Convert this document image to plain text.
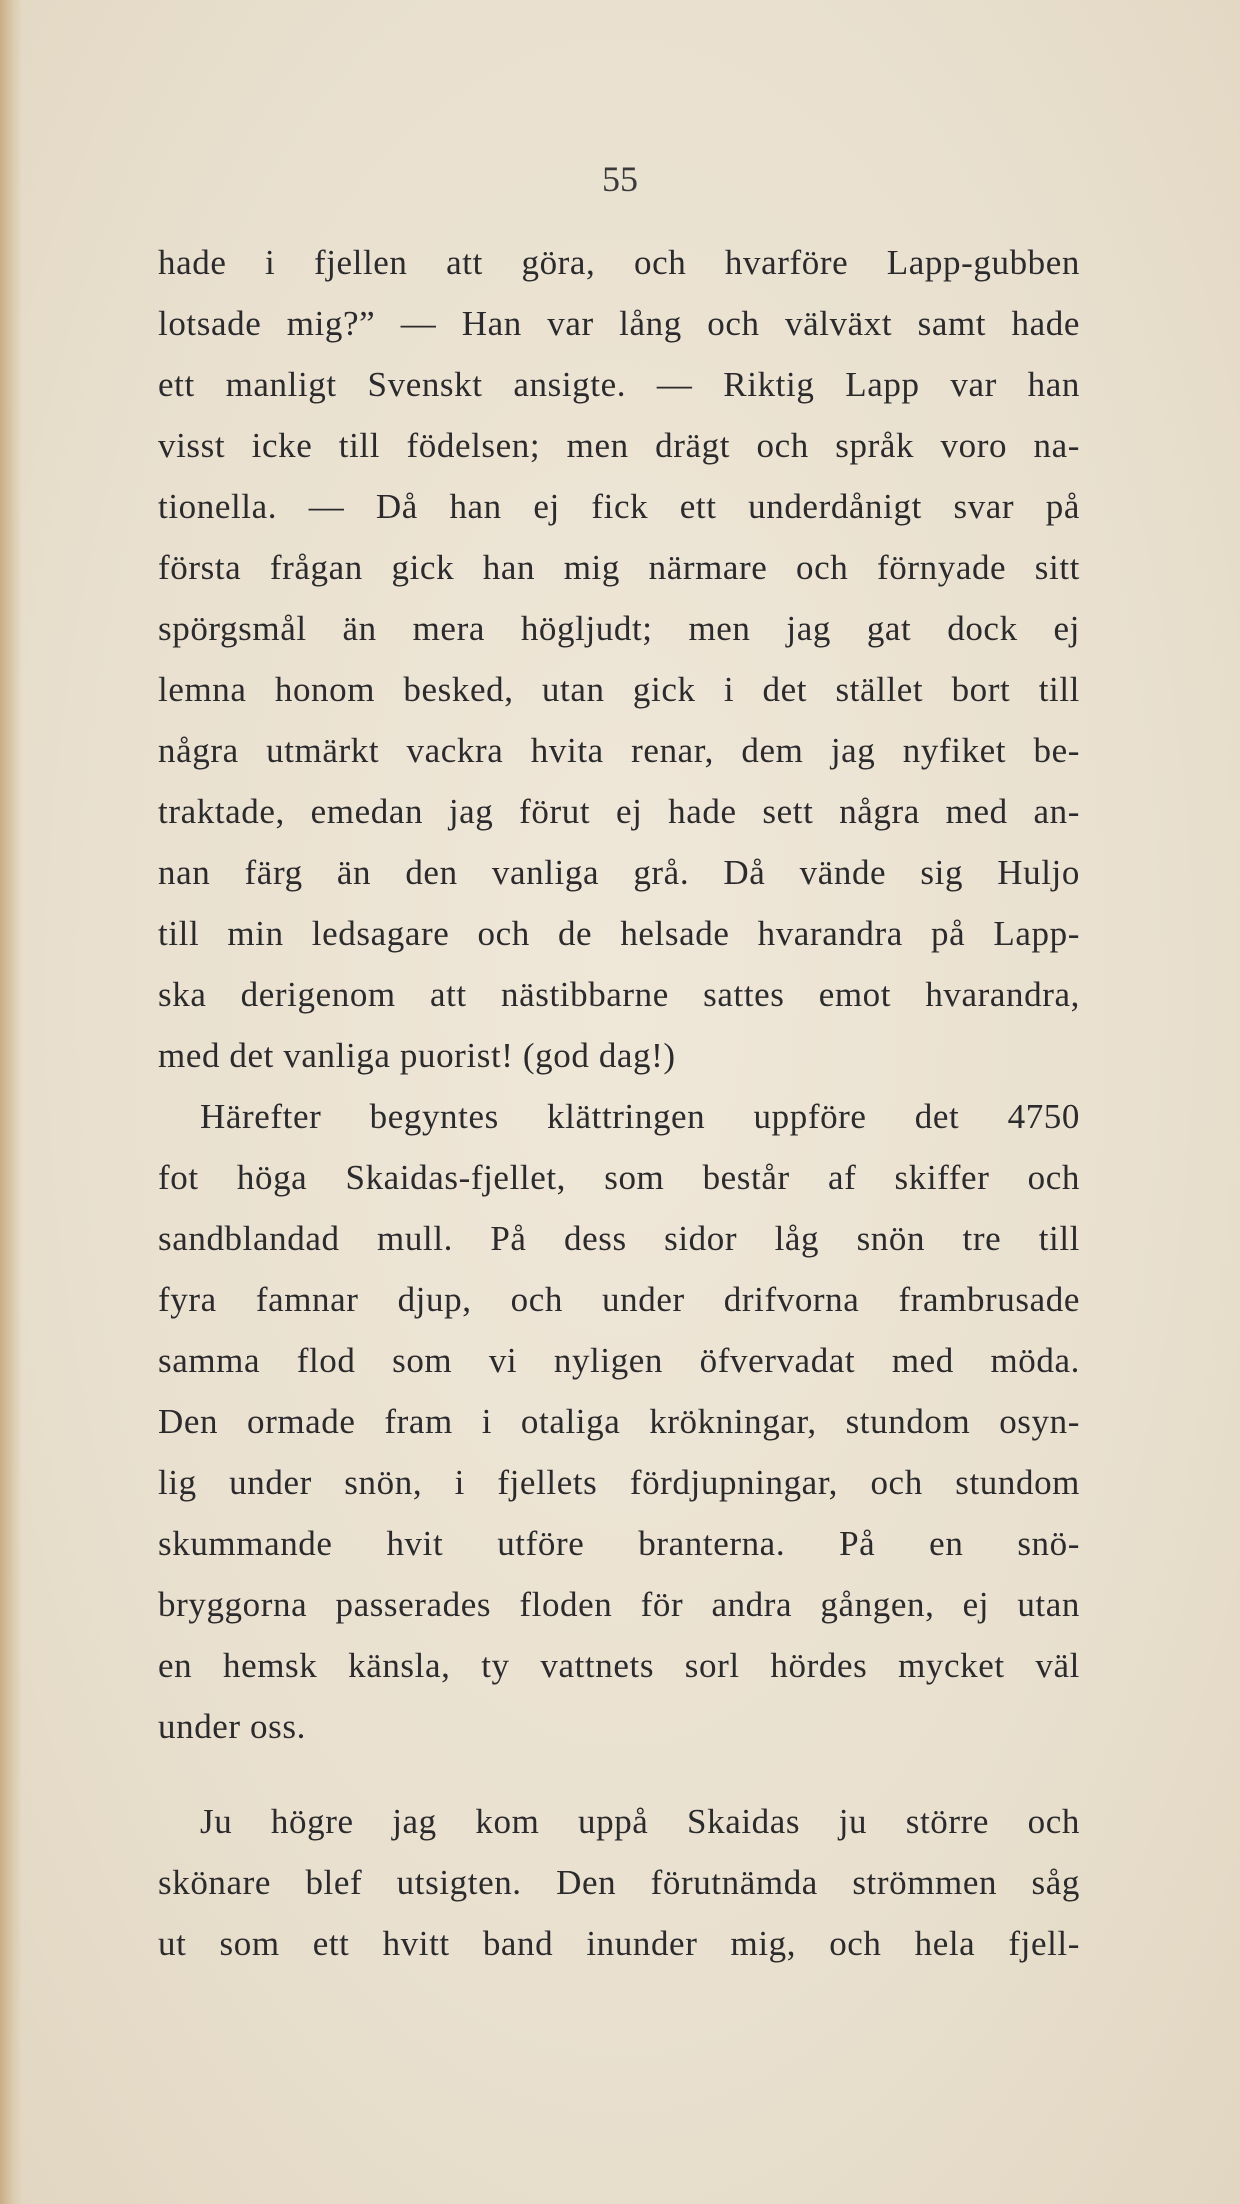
55
hade i fjellen att göra, och hvarföre Lapp-gubben
lotsade mig?” — Han var lång och välväxt samt hade
ett manligt Svenskt ansigte. — Riktig Lapp var han
visst icke till födelsen; men drägt och språk voro na-
tionella. — Då han ej fick ett underdånigt svar på
första frågan gick han mig närmare och förnyade sitt
spörgsmål än mera högljudt; men jag gat dock ej
lemna honom besked, utan gick i det stället bort till
några utmärkt vackra hvita renar, dem jag nyfiket be-
traktade, emedan jag förut ej hade sett några med an-
nan färg än den vanliga grå. Då vände sig Huljo
till min ledsagare och de helsade hvarandra på Lapp-
ska derigenom att nästibbarne sattes emot hvarandra,
med det vanliga puorist! (god dag!)
Härefter begyntes klättringen uppföre det 4750
fot höga Skaidas-fjellet, som består af skiffer och
sandblandad mull. På dess sidor låg snön tre till
fyra famnar djup, och under drifvorna frambrusade
samma flod som vi nyligen öfvervadat med möda.
Den ormade fram i otaliga krökningar, stundom osyn-
lig under snön, i fjellets fördjupningar, och stundom
skummande hvit utföre branterna. På en snö-
bryggorna passerades floden för andra gången, ej utan
en hemsk känsla, ty vattnets sorl hördes mycket väl
under oss.
Ju högre jag kom uppå Skaidas ju större och
skönare blef utsigten. Den förutnämda strömmen såg
ut som ett hvitt band inunder mig, och hela fjell-
